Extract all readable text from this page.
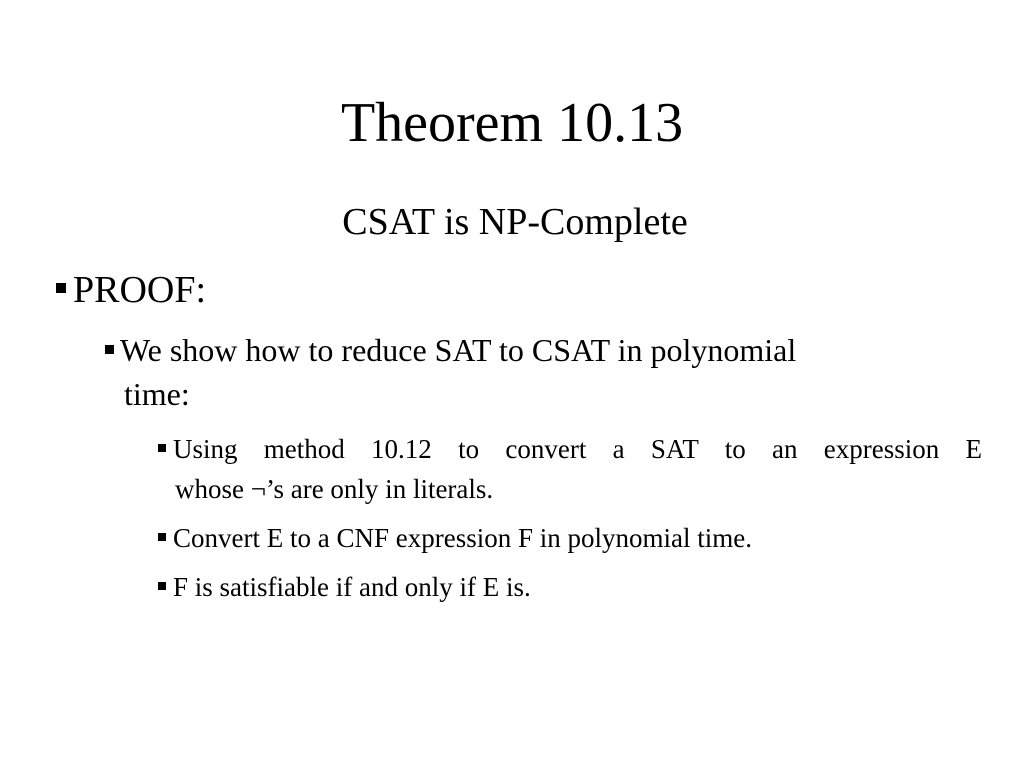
Theorem 10.13
CSAT is NP-Complete
PROOF:
We show how to reduce SAT to CSAT in polynomial
time:
Using method 10.12 to convert a SAT to an expression E
whose ¬’s are only in literals.
Convert E to a CNF expression F in polynomial time.
F is satisfiable if and only if E is.
